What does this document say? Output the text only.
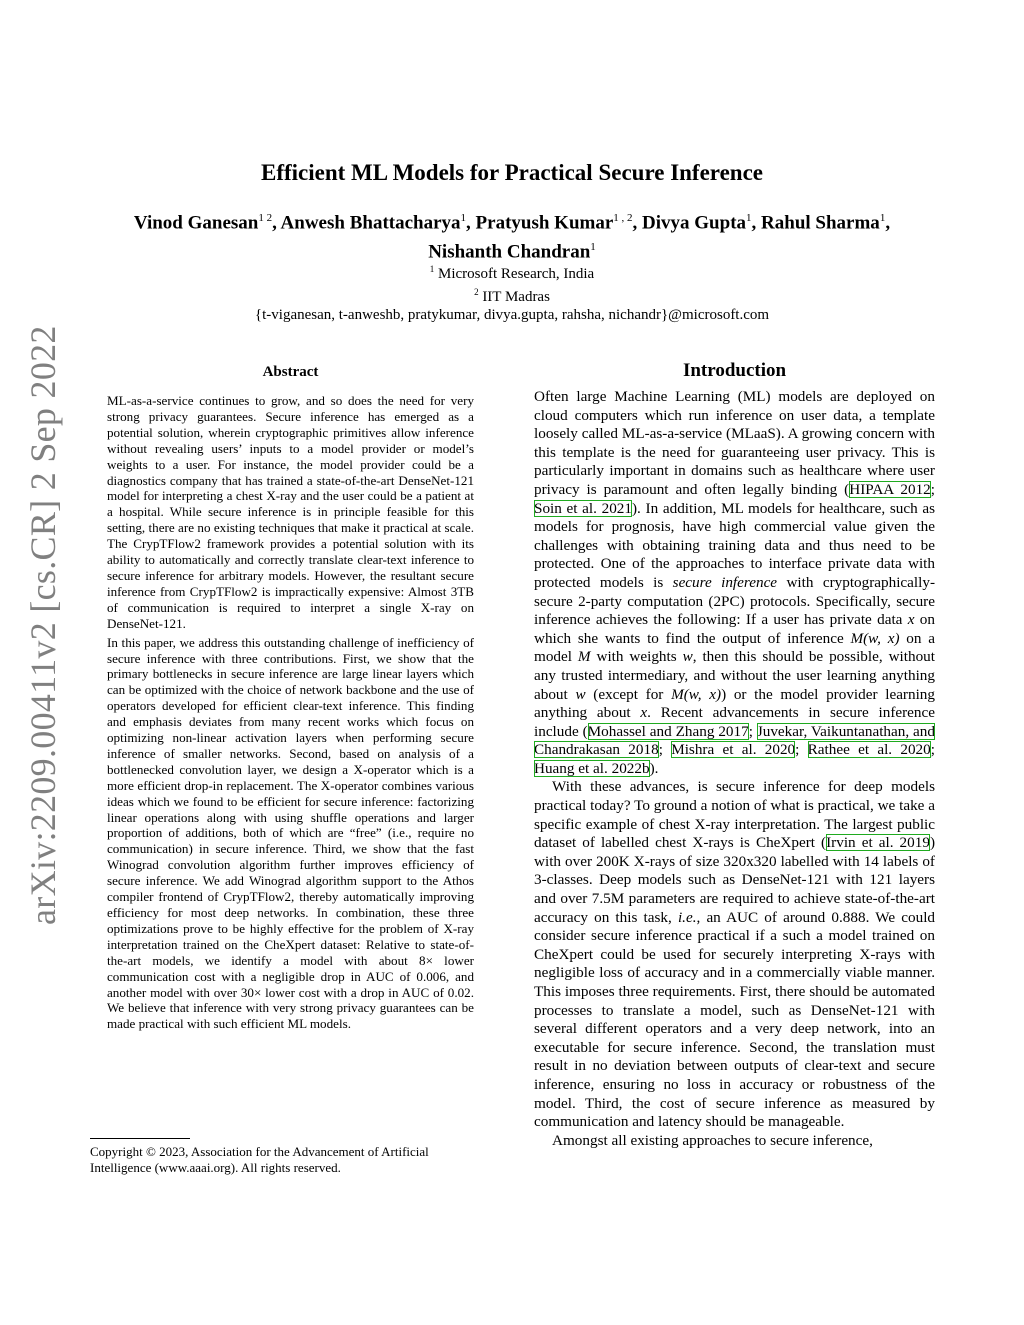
arXiv:2209.00411v2 [cs.CR] 2 Sep 2022
Efficient ML Models for Practical Secure Inference
Vinod Ganesan$^{1 2}$, Anwesh Bhattacharya$^1$, Pratyush Kumar$^{1 , 2}$, Divya Gupta$^1$, Rahul Sharma$^1$,
Nishanth Chandran$^1$
$^1$ Microsoft Research, India
$^2$ IIT Madras
{t-viganesan, t-anweshb, pratykumar, divya.gupta, rahsha, nichandr}@microsoft.com
Abstract

ML-as-a-service continues to grow, and so does the need for very strong privacy guarantees. Secure inference has emerged as a potential solution, wherein cryptographic primitives allow inference without revealing users’ inputs to a model provider or model’s weights to a user. For instance, the model provider could be a diagnostics company that has trained a state-of-the-art DenseNet-121 model for interpreting a chest X-ray and the user could be a patient at a hospital. While secure inference is in principle feasible for this setting, there are no existing techniques that make it practical at scale. The CrypTFlow2 framework provides a potential solution with its ability to automatically and correctly translate clear-text inference to secure inference for arbitrary models. However, the resultant secure inference from CrypTFlow2 is impractically expensive: Almost 3TB of communication is required to interpret a single X-ray on DenseNet-121.

In this paper, we address this outstanding challenge of inefficiency of secure inference with three contributions. First, we show that the primary bottlenecks in secure inference are large linear layers which can be optimized with the choice of network backbone and the use of operators developed for efficient clear-text inference. This finding and emphasis deviates from many recent works which focus on optimizing non-linear activation layers when performing secure inference of smaller networks. Second, based on analysis of a bottlenecked convolution layer, we design a X-operator which is a more efficient drop-in replacement. The X-operator combines various ideas which we found to be efficient for secure inference: factorizing linear operations along with using shuffle operations and larger proportion of additions, both of which are “free” (i.e., require no communication) in secure inference. Third, we show that the fast Winograd convolution algorithm further improves efficiency of secure inference. We add Winograd algorithm support to the Athos compiler frontend of CrypTFlow2, thereby automatically improving efficiency for most deep networks. In combination, these three optimizations prove to be highly effective for the problem of X-ray interpretation trained on the CheXpert dataset: Relative to state-of-the-art models, we identify a model with about 8× lower communication cost with a negligible drop in AUC of 0.006, and another model with over 30× lower cost with a drop in AUC of 0.02. We believe that inference with very strong privacy guarantees can be made practical with such efficient ML models.

Introduction

Often large Machine Learning (ML) models are deployed on cloud computers which run inference on user data, a template loosely called ML-as-a-service (MLaaS). A growing concern with this template is the need for guaranteeing user privacy. This is particularly important in domains such as healthcare where user privacy is paramount and often legally binding (HIPAA 2012; Soin et al. 2021). In addition, ML models for healthcare, such as models for prognosis, have high commercial value given the challenges with obtaining training data and thus need to be protected. One of the approaches to interface private data with protected models is secure inference with cryptographically-secure 2-party computation (2PC) protocols. Specifically, secure inference achieves the following: If a user has private data x on which she wants to find the output of inference M(w, x) on a model M with weights w, then this should be possible, without any trusted intermediary, and without the user learning anything about w (except for M(w, x)) or the model provider learning anything about x. Recent advancements in secure inference include (Mohassel and Zhang 2017; Juvekar, Vaikuntanathan, and Chandrakasan 2018; Mishra et al. 2020; Rathee et al. 2020; Huang et al. 2022b).

With these advances, is secure inference for deep models practical today? To ground a notion of what is practical, we take a specific example of chest X-ray interpretation. The largest public dataset of labelled chest X-rays is CheXpert (Irvin et al. 2019) with over 200K X-rays of size 320x320 labelled with 14 labels of 3-classes. Deep models such as DenseNet-121 with 121 layers and over 7.5M parameters are required to achieve state-of-the-art accuracy on this task, i.e., an AUC of around 0.888. We could consider secure inference practical if a such a model trained on CheXpert could be used for securely interpreting X-rays with negligible loss of accuracy and in a commercially viable manner. This imposes three requirements. First, there should be automated processes to translate a model, such as DenseNet-121 with several different operators and a very deep network, into an executable for secure inference. Second, the translation must result in no deviation between outputs of clear-text and secure inference, ensuring no loss in accuracy or robustness of the model. Third, the cost of secure inference as measured by communication and latency should be manageable.

Amongst all existing approaches to secure inference,

Copyright © 2023, Association for the Advancement of Artificial Intelligence (www.aaai.org). All rights reserved.
